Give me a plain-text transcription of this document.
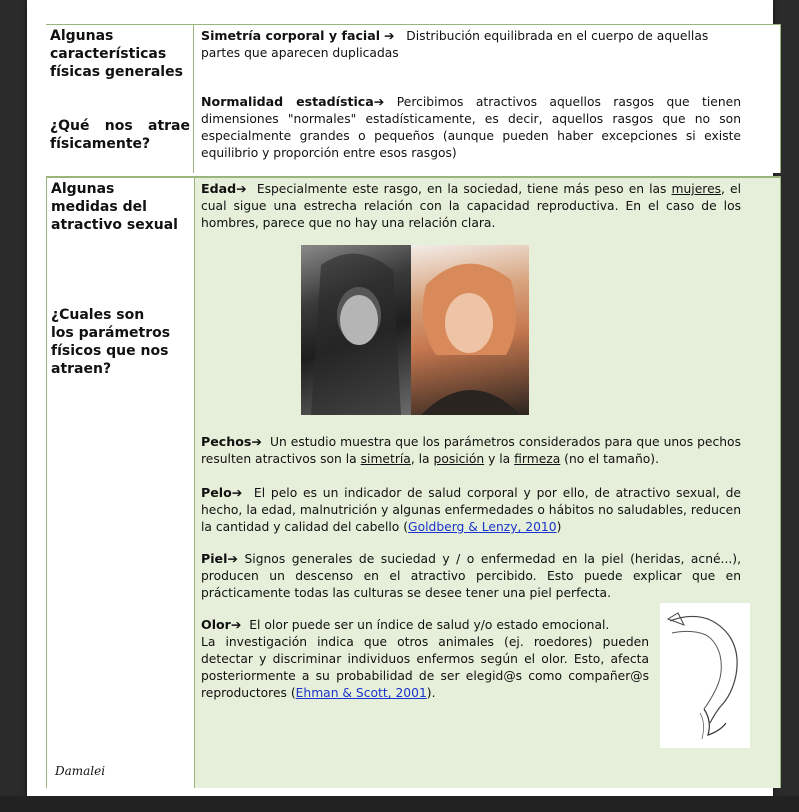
Algunas características físicas generales
¿Qué nos atrae físicamente?
Simetría corporal y facial ➔ Distribución equilibrada en el cuerpo de aquellas partes que aparecen duplicadas
Normalidad estadística➔ Percibimos atractivos aquellos rasgos que tienen dimensiones "normales" estadísticamente, es decir, aquellos rasgos que no son especialmente grandes o pequeños (aunque pueden haber excepciones si existe equilibrio y proporción entre esos rasgos)
Algunas medidas del atractivo sexual
¿Cuales son los parámetros físicos que nos atraen?
Damalei
Edad➔ Especialmente este rasgo, en la sociedad, tiene más peso en las mujeres, el cual sigue una estrecha relación con la capacidad reproductiva. En el caso de los hombres, parece que no hay una relación clara.
Pechos➔ Un estudio muestra que los parámetros considerados para que unos pechos resulten atractivos son la simetría, la posición y la firmeza (no el tamaño).
Pelo➔ El pelo es un indicador de salud corporal y por ello, de atractivo sexual, de hecho, la edad, malnutrición y algunas enfermedades o hábitos no saludables, reducen la cantidad y calidad del cabello (Goldberg & Lenzy, 2010)
Piel➔ Signos generales de suciedad y / o enfermedad en la piel (heridas, acné...), producen un descenso en el atractivo percibido. Esto puede explicar que en prácticamente todas las culturas se desee tener una piel perfecta.
Olor➔ El olor puede ser un índice de salud y/o estado emocional.
La investigación indica que otros animales (ej. roedores) pueden detectar y discriminar individuos enfermos según el olor. Esto, afecta posteriormente a su probabilidad de ser elegid@s como compañer@s reproductores (Ehman & Scott, 2001).
